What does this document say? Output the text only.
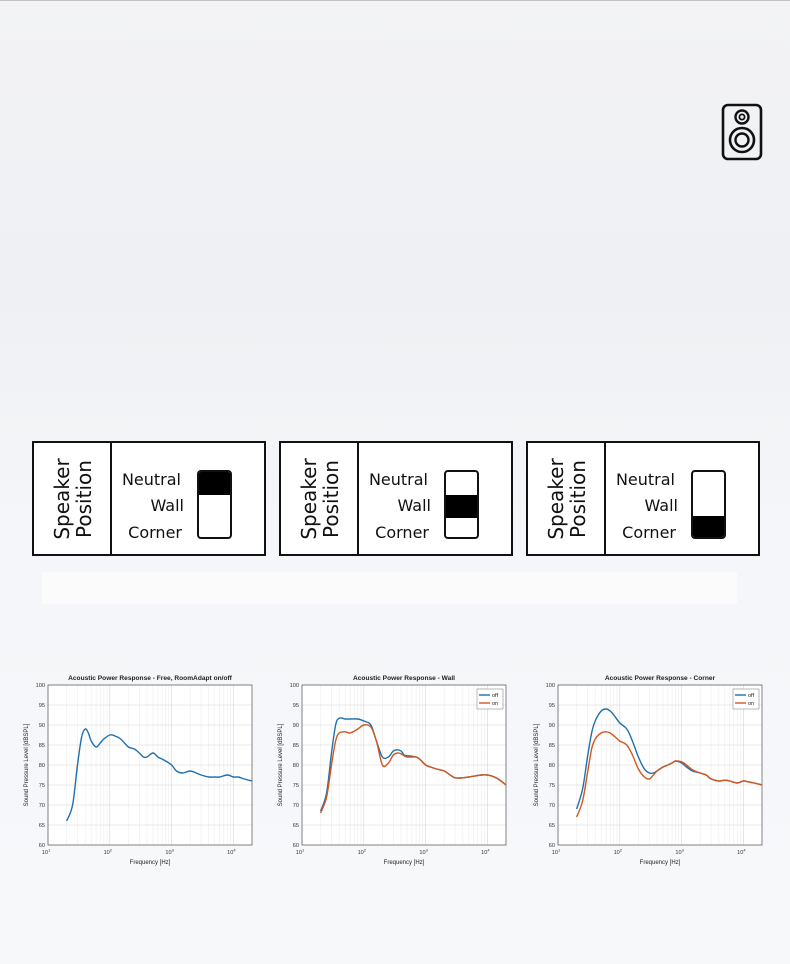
Speaker
Position	Neutral
Wall
Corner	Speaker
Position	Neutral
Wall
Corner	Speaker
Position	Neutral
Wall
Corner
60
65
70
75
80
85
90
95
100
$10^1$	$10^2$	$10^3$	$10^4$
Acoustic Power Response - Free, RoomAdapt on/off
Frequency [Hz]
Sound Pressure Level [dBSPL]
60
65
70
75
80
85
90
95
100
$10^1$	$10^2$	$10^3$	$10^4$
Acoustic Power Response - Wall
Frequency [Hz]
Sound Pressure Level [dBSPL]
off
on
60
65
70
75
80
85
90
95
100
$10^1$	$10^2$	$10^3$	$10^4$
Acoustic Power Response - Corner
Frequency [Hz]
Sound Pressure Level [dBSPL]
off
on
